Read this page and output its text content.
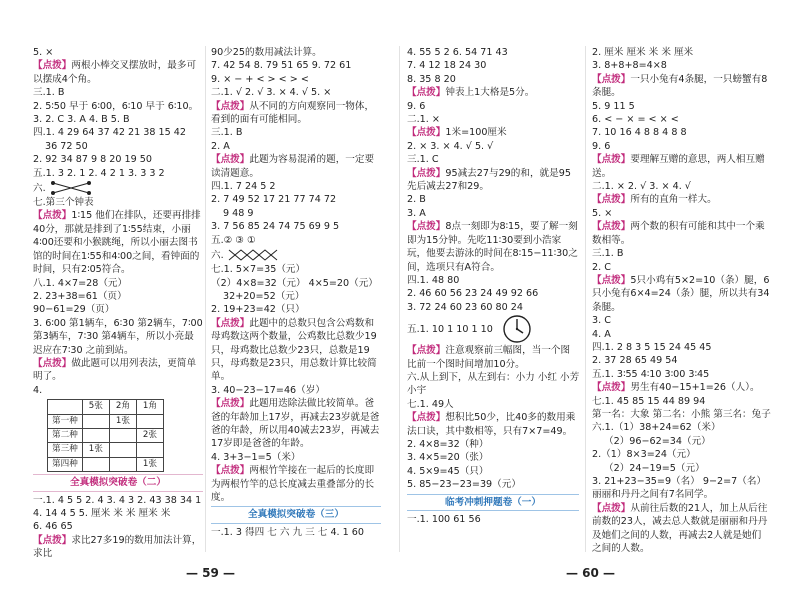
5. ×

【点拨】两根小棒交叉摆放时，最多可以摆成4个角。

三.1. B

2. 5∶50 早于 6∶00，6∶10 早于 6∶10。

3. 2. C 3. A 4. B 5. B

四.1. 4 29 64 37 42 21 38 15 42

36 72 50

2. 92 34 87 9 8 20 19 50

五.1. 3 2. 1 2. 4 2 1 3. 3 3 2

六.

七.第三个钟表

【点拨】1∶15 他们在排队，还要再排排40分，那就是排到了1∶55结束，小丽4∶00还要和小猴跳绳，所以小丽去图书馆的时间在1∶55和4∶00之间，看钟面的时间，只有2∶05符合。

八.1. 4×7=28（元）

2. 23+38=61（页）

90−61=29（页）

3. 6∶00 第1辆车，6∶30 第2辆车，7∶00 第3辆车，7∶30 第4辆车，所以小亮最迟应在7∶30 之前到站。

【点拨】做此题可以用列表法，更简单明了。

4.

	5张	2角	1角
第一种		1张	
第二种			2张
第三种	1张		
第四种			1张

全真模拟突破卷（二）

一.1. 4 5 5 2. 4 3. 4 3 2. 43 38 34 1

4. 14 4 5 5. 厘米 米 米 厘米 米

6. 46 65

【点拨】求比27多19的数用加法计算，求比

90少25的数用减法计算。

7. 42 54 8. 79 51 65 9. 72 61

9. × − + < > < > <

二.1. √ 2. √ 3. × 4. √ 5. ×

【点拨】从不同的方向观察同一物体，看到的面有可能相同。

三.1. B

2. A

【点拨】此题为容易混淆的题，一定要读清题意。

四.1. 7 24 5 2

2. 7 49 52 17 21 77 74 72

9 48 9

3. 7 56 85 24 74 75 69 9 5

五.② ③ ①

六.

七.1. 5×7=35（元）

（2）4×8=32（元） 4×5=20（元）

32+20=52（元）

2. 19+23=42（只）

【点拨】此题中的总数只包含公鸡数和母鸡数这两个数量，公鸡数比总数少19只，母鸡数比总数少23只，总数是19只，母鸡数是23只，用总数计算比较简单。

3. 40−23−17=46（岁）

【点拨】此题用迭除法做比较简单。爸爸的年龄加上17岁，再减去23岁就是爸爸的年龄，所以用40减去23岁，再减去17岁即是爸爸的年龄。

4. 3+3−1=5（米）

【点拨】两根竹竿接在一起后的长度即为两根竹竿的总长度减去重叠部分的长度。

全真模拟突破卷（三）

一.1. 3 得四 七 六 九 三 七 4. 1 60

4. 55 5 2 6. 54 71 43

7. 4 12 18 24 30

8. 35 8 20

【点拨】钟表上1大格是5分。

9. 6

二.1. ×

【点拨】1米=100厘米

2. × 3. × 4. √ 5. √

三.1. C

【点拨】95减去27与29的和，就是95先后减去27和29。

2. B

3. A

【点拨】8点一刻即为8∶15，要了解一刻即为15分钟。先吃11∶30要到小浩家玩，他要去游泳的时间在8∶15−11∶30之间，选项只有A符合。

四.1. 48 80

2. 46 60 56 23 24 49 92 66

3. 72 24 60 23 60 80 24

五.1. 10 1 10 1 10

【点拨】注意观察前三幅图，当一个图比前一个图时间增加10分。

六.从上到下，从左到右：小力 小红 小芳

小宇

七.1. 49人

【点拨】想积比50少，比40多的数用乘法口诀，其中数相等，只有7×7=49。

2. 4×8=32（种）

3. 4×5=20（张）

4. 5×9=45（只）

5. 85−23−23=39（元）

临考冲刺押题卷（一）

一.1. 100 61 56

2. 厘米 厘米 米 米 厘米

3. 8+8+8=4×8

【点拨】一只小兔有4条腿，一只螃蟹有8条腿。

5. 9 11 5

6. < − × = < × <

7. 10 16 4 8 8 4 8 8

9. 6

【点拨】要理解互赠的意思，两人相互赠送。

二.1. × 2. √ 3. × 4. √

【点拨】所有的直角一样大。

5. ×

【点拨】两个数的积有可能和其中一个乘数相等。

三.1. B

2. C

【点拨】5只小鸡有5×2=10（条）腿，6只小兔有6×4=24（条）腿，所以共有34条腿。

3. C

4. A

四.1. 2 8 3 5 15 24 45 45

2. 37 28 65 49 54

五.1. 3∶55 4∶10 3∶00 3∶45

【点拨】男生有40−15+1=26（人）。

七.1. 45 85 15 44 89 94

第一名：大象 第二名：小熊 第三名：兔子

六.1.（1）38+24=62（米）

（2）96−62=34（元）

2.（1）8×3=24（元）

（2）24−19=5（元）

3. 21+23−35=9（名） 9−2=7（名）

丽丽和丹丹之间有7名同学。

【点拨】从前往后数的21人，加上从后往前数的23人，减去总人数就是丽丽和丹丹及她们之间的人数，再减去2人就是她们之间的人数。

— 59 —	— 60 —
